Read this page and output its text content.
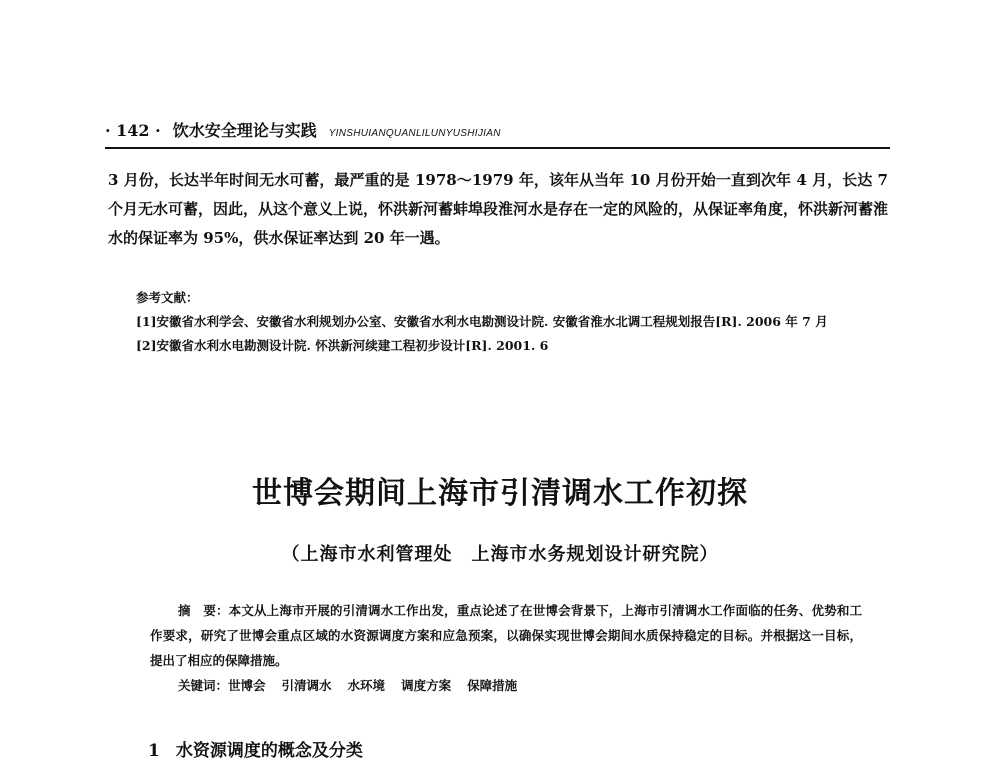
· 142 · 饮水安全理论与实践 YINSHUIANQUANLILUNYUSHIJIAN
3 月份，长达半年时间无水可蓄，最严重的是 1978～1979 年，该年从当年 10 月份开始一直到次年 4 月，长达 7 个月无水可蓄，因此，从这个意义上说，怀洪新河蓄蚌埠段淮河水是存在一定的风险的，从保证率角度，怀洪新河蓄淮水的保证率为 95%，供水保证率达到 20 年一遇。
参考文献：
[1]安徽省水利学会、安徽省水利规划办公室、安徽省水利水电勘测设计院. 安徽省淮水北调工程规划报告[R]. 2006 年 7 月
[2]安徽省水利水电勘测设计院. 怀洪新河续建工程初步设计[R]. 2001. 6
世博会期间上海市引清调水工作初探
（上海市水利管理处　上海市水务规划设计研究院）
摘　要：本文从上海市开展的引清调水工作出发，重点论述了在世博会背景下，上海市引清调水工作面临的任务、优势和工作要求，研究了世博会重点区域的水资源调度方案和应急预案，以确保实现世博会期间水质保持稳定的目标。并根据这一目标，提出了相应的保障措施。
关键词：世博会 引清调水 水环境 调度方案 保障措施
1 水资源调度的概念及分类
